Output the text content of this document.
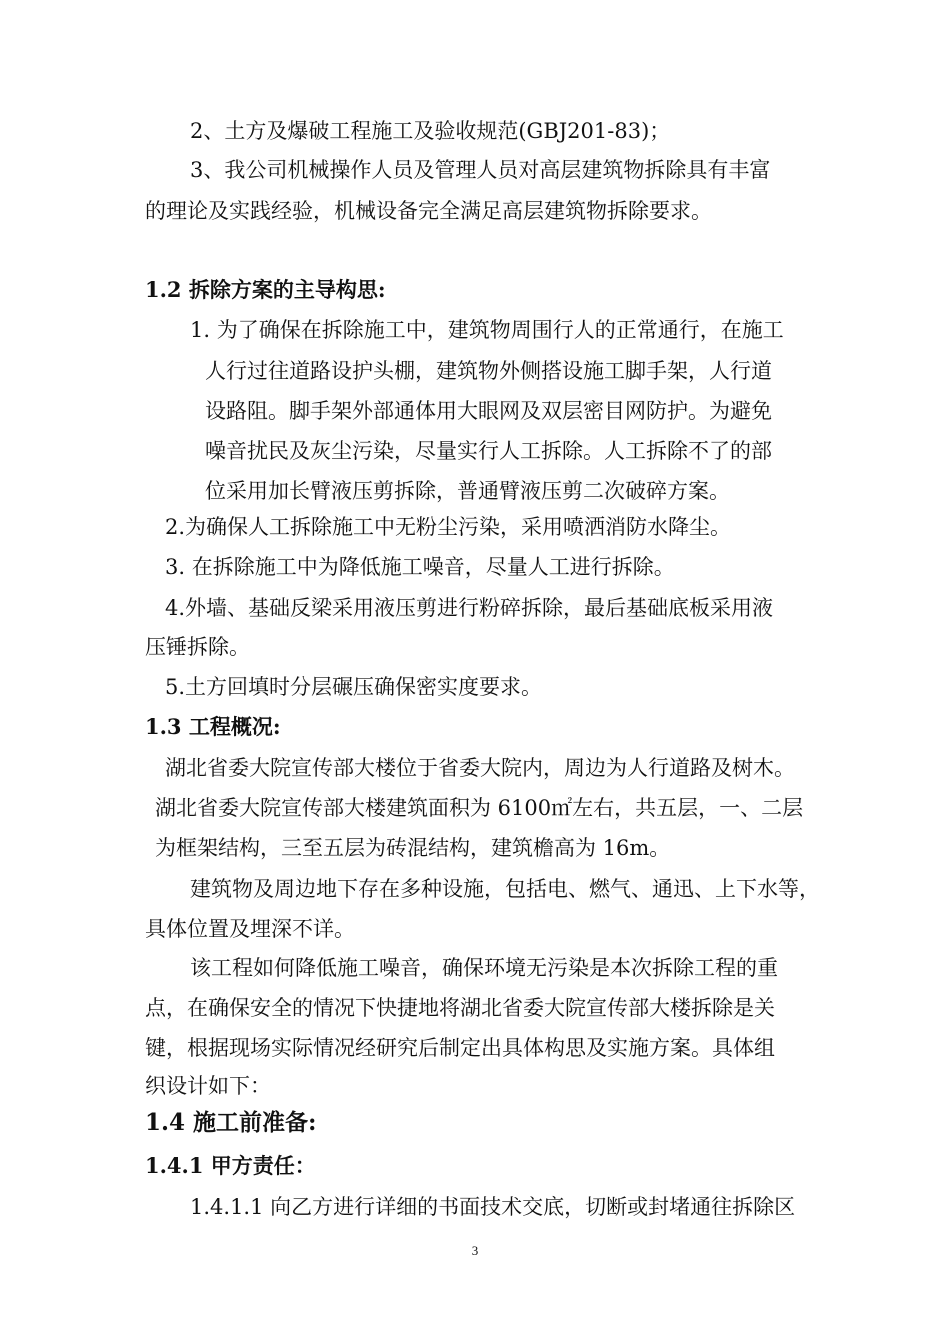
2、土方及爆破工程施工及验收规范(GBJ201-83)；
3、我公司机械操作人员及管理人员对高层建筑物拆除具有丰富
的理论及实践经验，机械设备完全满足高层建筑物拆除要求。
1.2 拆除方案的主导构思:
1. 为了确保在拆除施工中，建筑物周围行人的正常通行，在施工
人行过往道路设护头棚，建筑物外侧搭设施工脚手架，人行道
设路阻。脚手架外部通体用大眼网及双层密目网防护。为避免
噪音扰民及灰尘污染，尽量实行人工拆除。人工拆除不了的部
位采用加长臂液压剪拆除，普通臂液压剪二次破碎方案。
2.为确保人工拆除施工中无粉尘污染，采用喷洒消防水降尘。
3. 在拆除施工中为降低施工噪音，尽量人工进行拆除。
4.外墙、基础反梁采用液压剪进行粉碎拆除，最后基础底板采用液
压锤拆除。
5.土方回填时分层碾压确保密实度要求。
1.3 工程概况:
湖北省委大院宣传部大楼位于省委大院内，周边为人行道路及树木。
湖北省委大院宣传部大楼建筑面积为 6100㎡左右，共五层，一、二层
为框架结构，三至五层为砖混结构，建筑檐高为 16m。
建筑物及周边地下存在多种设施，包括电、燃气、通迅、上下水等，
具体位置及埋深不详。
该工程如何降低施工噪音，确保环境无污染是本次拆除工程的重
点，在确保安全的情况下快捷地将湖北省委大院宣传部大楼拆除是关
键，根据现场实际情况经研究后制定出具体构思及实施方案。具体组
织设计如下：
1.4 施工前准备:
1.4.1 甲方责任：
1.4.1.1 向乙方进行详细的书面技术交底，切断或封堵通往拆除区
3
